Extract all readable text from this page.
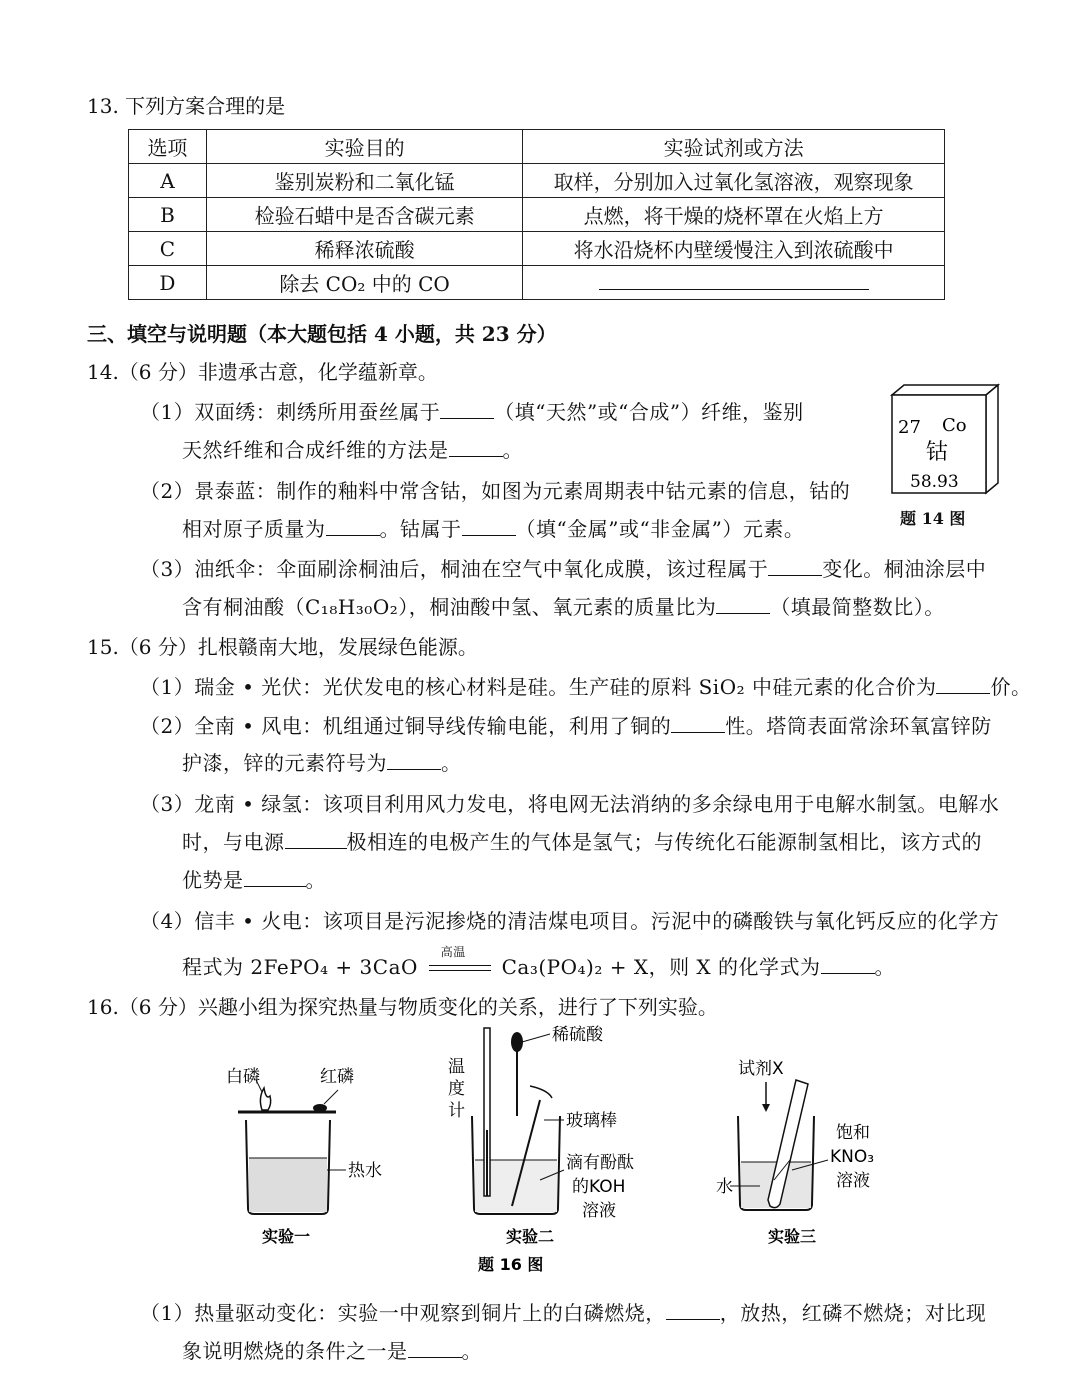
13. 下列方案合理的是
选项	实验目的	实验试剂或方法
A	鉴别炭粉和二氧化锰	取样，分别加入过氧化氢溶液，观察现象
B	检验石蜡中是否含碳元素	点燃，将干燥的烧杯罩在火焰上方
C	稀释浓硫酸	将水沿烧杯内壁缓慢注入到浓硫酸中
D	除去 CO₂ 中的 CO	
三、填空与说明题（本大题包括 4 小题，共 23 分）
14.（6 分）非遗承古意，化学蕴新章。
（1）双面绣：刺绣所用蚕丝属于	（填“天然”或“合成”）纤维，鉴别
天然纤维和合成纤维的方法是	。
（2）景泰蓝：制作的釉料中常含钴，如图为元素周期表中钴元素的信息，钴的
相对原子质量为	。钴属于	（填“金属”或“非金属”）元素。
（3）油纸伞：伞面刷涂桐油后，桐油在空气中氧化成膜，该过程属于	变化。桐油涂层中
含有桐油酸（C₁₈H₃₀O₂），桐油酸中氢、氧元素的质量比为	（填最简整数比）。
27 Co
钴
58.93
题 14 图
15.（6 分）扎根赣南大地，发展绿色能源。
（1）瑞金 • 光伏：光伏发电的核心材料是硅。生产硅的原料 SiO₂ 中硅元素的化合价为	价。
（2）全南 • 风电：机组通过铜导线传输电能，利用了铜的	性。塔筒表面常涂环氧富锌防
护漆，锌的元素符号为	。
（3）龙南 • 绿氢：该项目利用风力发电，将电网无法消纳的多余绿电用于电解水制氢。电解水
时，与电源	极相连的电极产生的气体是氢气；与传统化石能源制氢相比，该方式的
优势是	。
（4）信丰 • 火电：该项目是污泥掺烧的清洁煤电项目。污泥中的磷酸铁与氧化钙反应的化学方
程式为 2FePO₄ + 3CaO
高温
Ca₃(PO₄)₂ + X，则 X 的化学式为	。
16.（6 分）兴趣小组为探究热量与物质变化的关系，进行了下列实验。
白磷	红磷
热水
实验一
温 度 计
稀硫酸
玻璃棒
滴有酚酞 的KOH 溶液
实验二
题 16 图
试剂X
饱和 KNO₃ 溶液
水
实验三
（1）热量驱动变化：实验一中观察到铜片上的白磷燃烧，	，放热，红磷不燃烧；对比现
象说明燃烧的条件之一是	。
